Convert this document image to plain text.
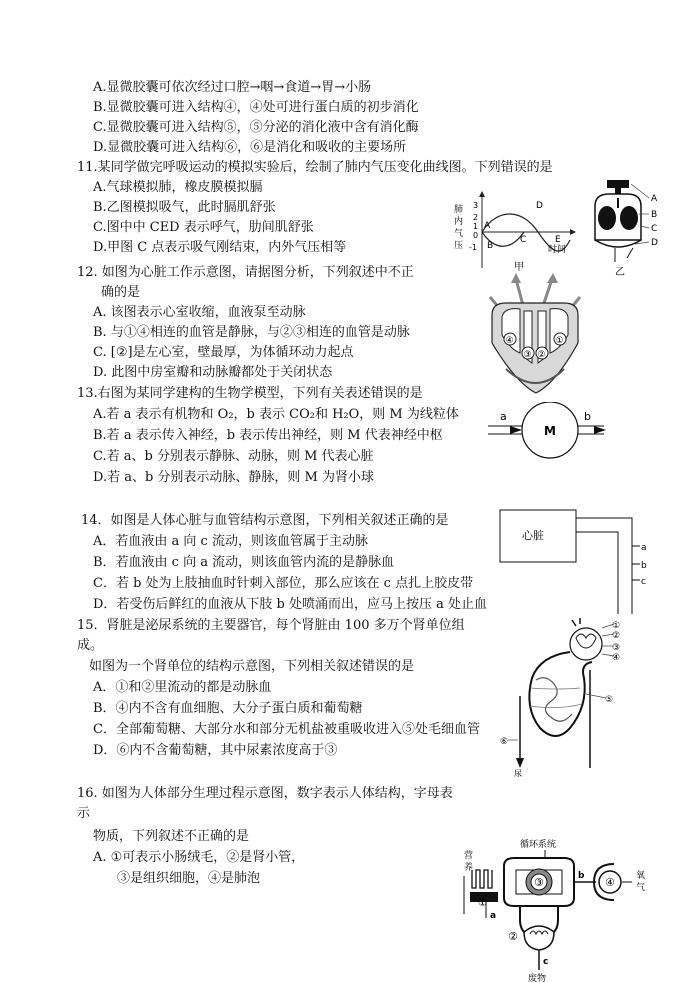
A.显微胶囊可依次经过口腔→咽→食道→胃→小肠
B.显微胶囊可进入结构④，④处可进行蛋白质的初步消化
C.显微胶囊可进入结构⑤，⑤分泌的消化液中含有消化酶
D.显微胶囊可进入结构⑥，⑥是消化和吸收的主要场所
11.某同学做完呼吸运动的模拟实验后，绘制了肺内气压变化曲线图。下列错误的是
A.气球模拟肺，橡皮膜模拟膈
B.乙图模拟吸气，此时膈肌舒张
C.图中中 CED 表示呼气，肋间肌舒张
D.甲图 C 点表示吸气刚结束，内外气压相等
肺
内
气
压
3
2
1
0
-1
A
B
C
D
E
时间
甲
A
B
C
D
乙
12. 如图为心脏工作示意图，请据图分析，下列叙述中不正
确的是
A. 该图表示心室收缩，血液泵至动脉
B. 与①④相连的血管是静脉，与②③相连的血管是动脉
C. [②]是左心室，壁最厚，为体循环动力起点
D. 此图中房室瓣和动脉瓣都处于关闭状态
④
③ ②
①
13.右图为某同学建构的生物学模型，下列有关表述错误的是
A.若 a 表示有机物和 O₂，b 表示 CO₂和 H₂O，则 M 为线粒体
B.若 a 表示传入神经，b 表示传出神经，则 M 代表神经中枢
C.若 a、b 分别表示静脉、动脉，则 M 代表心脏
D.若 a、b 分别表示动脉、静脉，则 M 为肾小球
a	b
M
14．如图是人体心脏与血管结构示意图，下列相关叙述正确的是
A．若血液由 a 向 c 流动，则该血管属于主动脉
B．若血液由 c 向 a 流动，则该血管内流的是静脉血
C．若 b 处为上肢抽血时针刺入部位，那么应该在 c 点扎上胶皮带
D．若受伤后鲜红的血液从下肢 b 处喷涌而出，应马上按压 a 处止血
心脏
a
b
c
15．肾脏是泌尿系统的主要器官，每个肾脏由 100 多万个肾单位组
成。
如图为一个肾单位的结构示意图，下列相关叙述错误的是
A．①和②里流动的都是动脉血
B．④内不含有血细胞、大分子蛋白质和葡萄糖
C．全部葡萄糖、大部分水和部分无机盐被重吸收进入⑤处毛细血管
D．⑥内不含葡萄糖，其中尿素浓度高于③
①
②
③
④
⑤
⑥
尿
16. 如图为人体部分生理过程示意图，数字表示人体结构，字母表
示
物质，下列叙述不正确的是
A. ①可表示小肠绒毛，②是肾小管，
③是组织细胞，④是肺泡
循环系统
营
养
a
①
③	b ④ 氧
气
②
c
废物
